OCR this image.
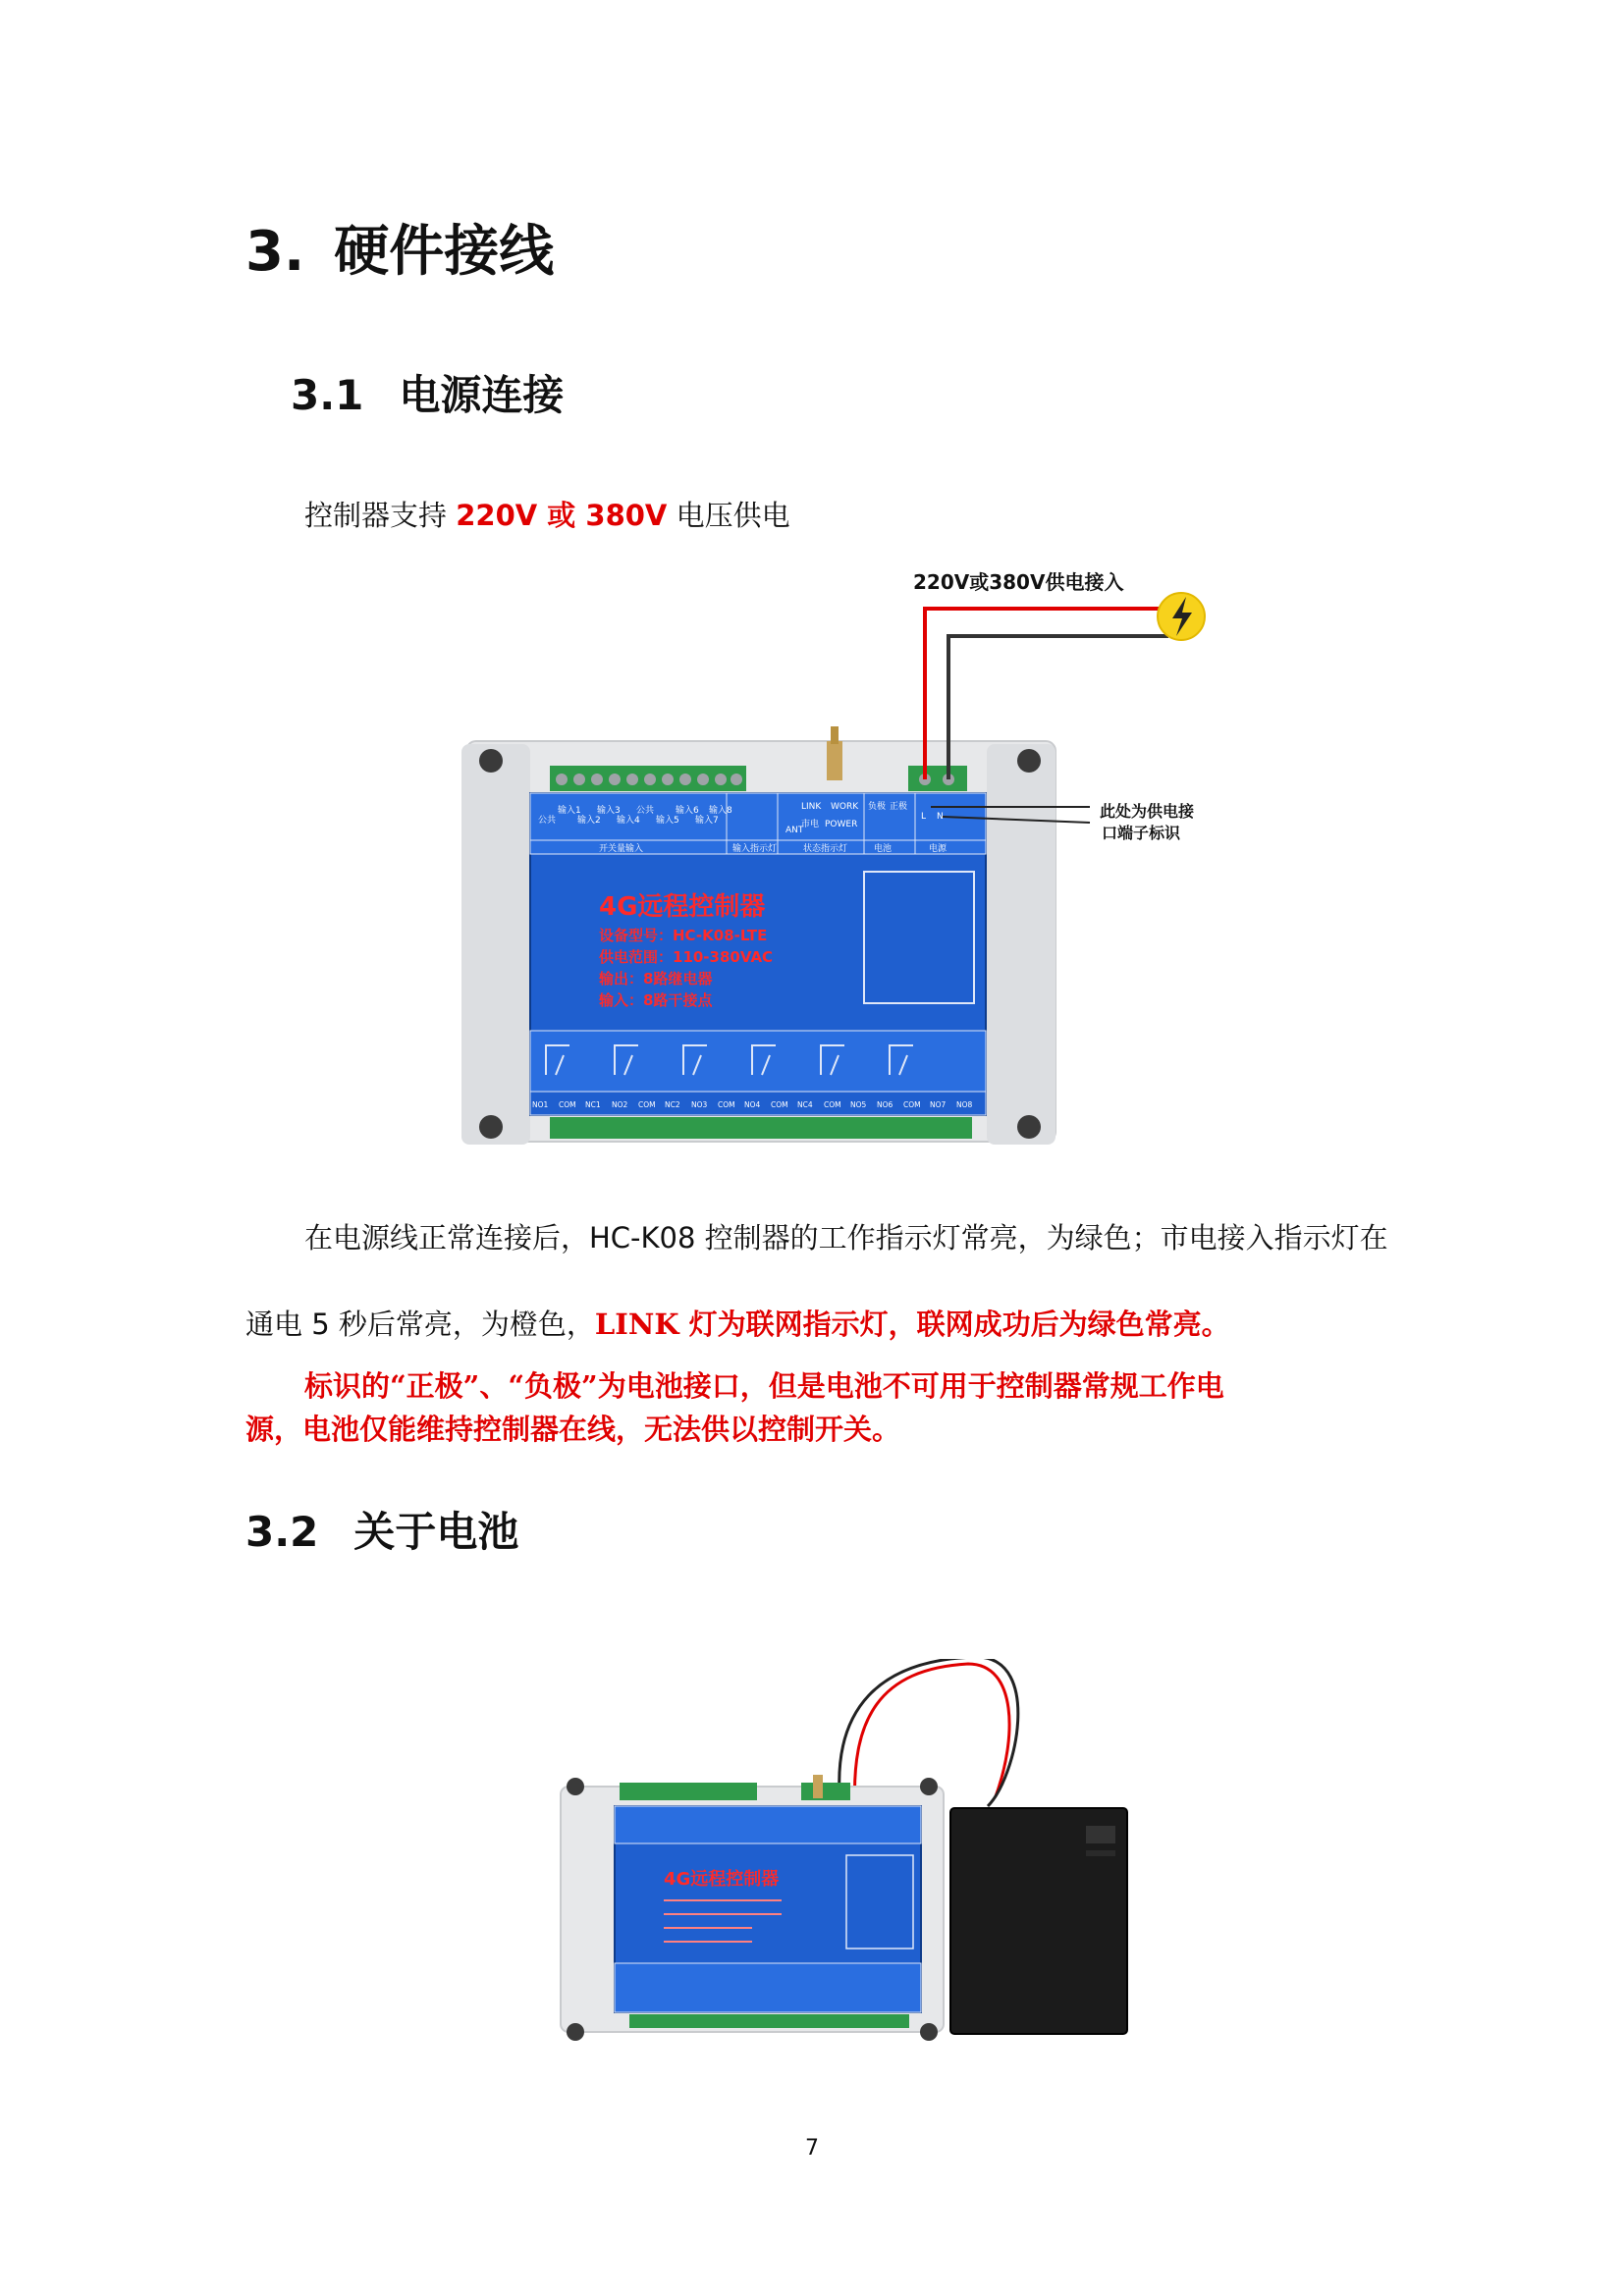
3. 硬件接线
3.1 电源连接
控制器支持 220V 或 380V 电压供电
220V或380V供电接入
公共
输入1
输入2
输入3
输入4
公共
输入5
输入6
输入7
输入8
开关量输入	输入指示灯
ANT
LINK WORK
市电 POWER
状态指示灯
负极 正极
电池
L N
电源
此处为供电接
口端子标识
4G远程控制器
设备型号：HC-K08-LTE
供电范围：110-380VAC
输出：8路继电器
输入：8路干接点
NO1 COM NC1 NO2 COM NC2 NO3 COM NO4 COM NC4 COM NO5 NO6 COM NO7 NO8
在电源线正常连接后，HC-K08 控制器的工作指示灯常亮，为绿色；市电接入指示灯在
通电 5 秒后常亮，为橙色，LINK 灯为联网指示灯，联网成功后为绿色常亮。
标识的“正极”、“负极”为电池接口，但是电池不可用于控制器常规工作电
源，电池仅能维持控制器在线，无法供以控制开关。
3.2 关于电池
4G远程控制器
7
